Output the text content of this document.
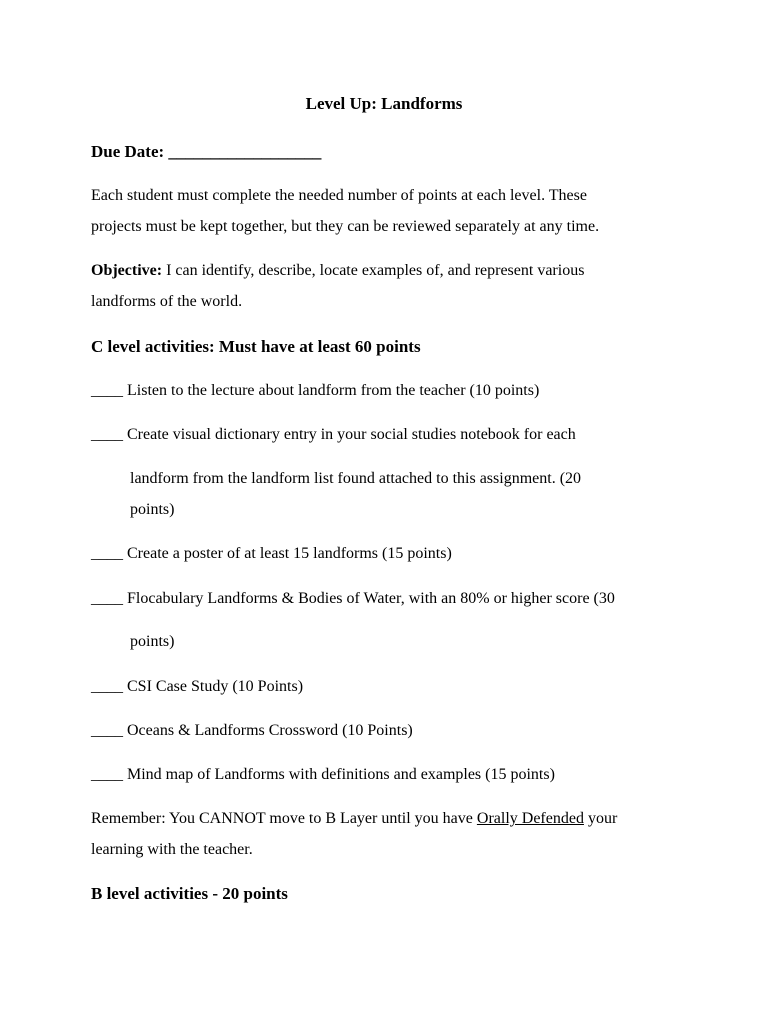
Level Up: Landforms
Due Date: __________________
Each student must complete the needed number of points at each level. These
projects must be kept together, but they can be reviewed separately at any time.
Objective: I can identify, describe, locate examples of, and represent various
landforms of the world.
C level activities: Must have at least 60 points
____ Listen to the lecture about landform from the teacher (10 points)
____ Create visual dictionary entry in your social studies notebook for each
landform from the landform list found attached to this assignment. (20
points)
____ Create a poster of at least 15 landforms (15 points)
____ Flocabulary Landforms & Bodies of Water, with an 80% or higher score (30
points)
____ CSI Case Study (10 Points)
____ Oceans & Landforms Crossword (10 Points)
____ Mind map of Landforms with definitions and examples (15 points)
Remember: You CANNOT move to B Layer until you have Orally Defended your
learning with the teacher.
B level activities - 20 points
